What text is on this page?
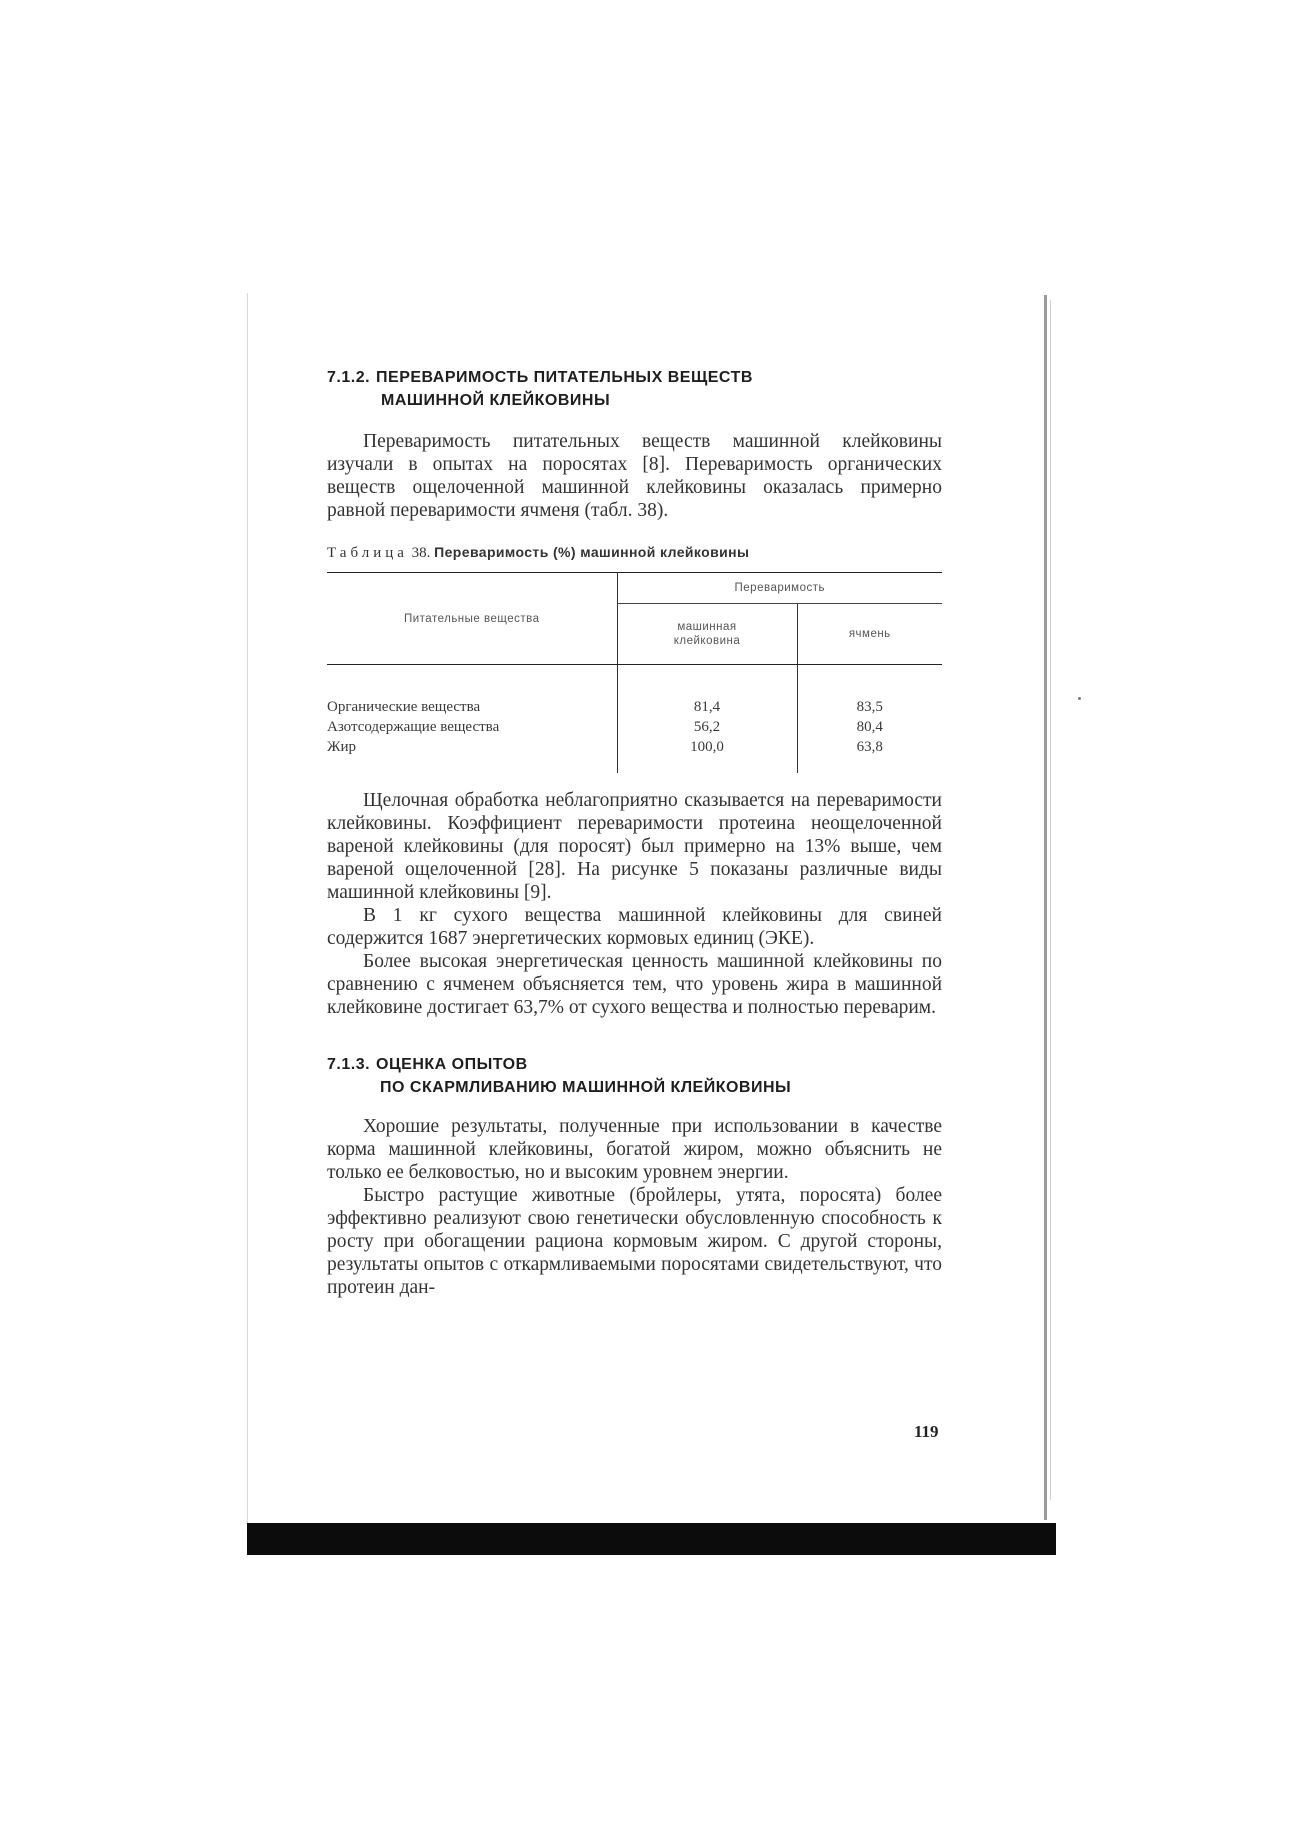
7.1.2. ПЕРЕВАРИМОСТЬ ПИТАТЕЛЬНЫХ ВЕЩЕСТВ
МАШИННОЙ КЛЕЙКОВИНЫ

Переваримость питательных веществ машинной клейковины изучали в опытах на поросятах [8]. Переваримость органических веществ ощелоченной машинной клейковины оказалась примерно равной переваримости ячменя (табл. 38).

Таблица 38. Переваримость (%) машинной клейковины
Питательные вещества	Переваримость	
	машинная клейковина	ячмень

Органические вещества	81,4	83,5
Азотсодержащие вещества	56,2	80,4
Жир	100,0	63,8

Щелочная обработка неблагоприятно сказывается на переваримости клейковины. Коэффициент переваримости протеина неощелоченной вареной клейковины (для поросят) был примерно на 13% выше, чем вареной ощелоченной [28]. На рисунке 5 показаны различные виды машинной клейковины [9].

В 1 кг сухого вещества машинной клейковины для свиней содержится 1687 энергетических кормовых единиц (ЭКЕ).

Более высокая энергетическая ценность машинной клейковины по сравнению с ячменем объясняется тем, что уровень жира в машинной клейковине достигает 63,7% от сухого вещества и полностью переварим.

7.1.3. ОЦЕНКА ОПЫТОВ
ПО СКАРМЛИВАНИЮ МАШИННОЙ КЛЕЙКОВИНЫ

Хорошие результаты, полученные при использовании в качестве корма машинной клейковины, богатой жиром, можно объяснить не только ее белковостью, но и высоким уровнем энергии.

Быстро растущие животные (бройлеры, утята, поросята) более эффективно реализуют свою генетически обусловленную способность к росту при обогащении рациона кормовым жиром. С другой стороны, результаты опытов с откармливаемыми поросятами свидетельствуют, что протеин дан-

119
